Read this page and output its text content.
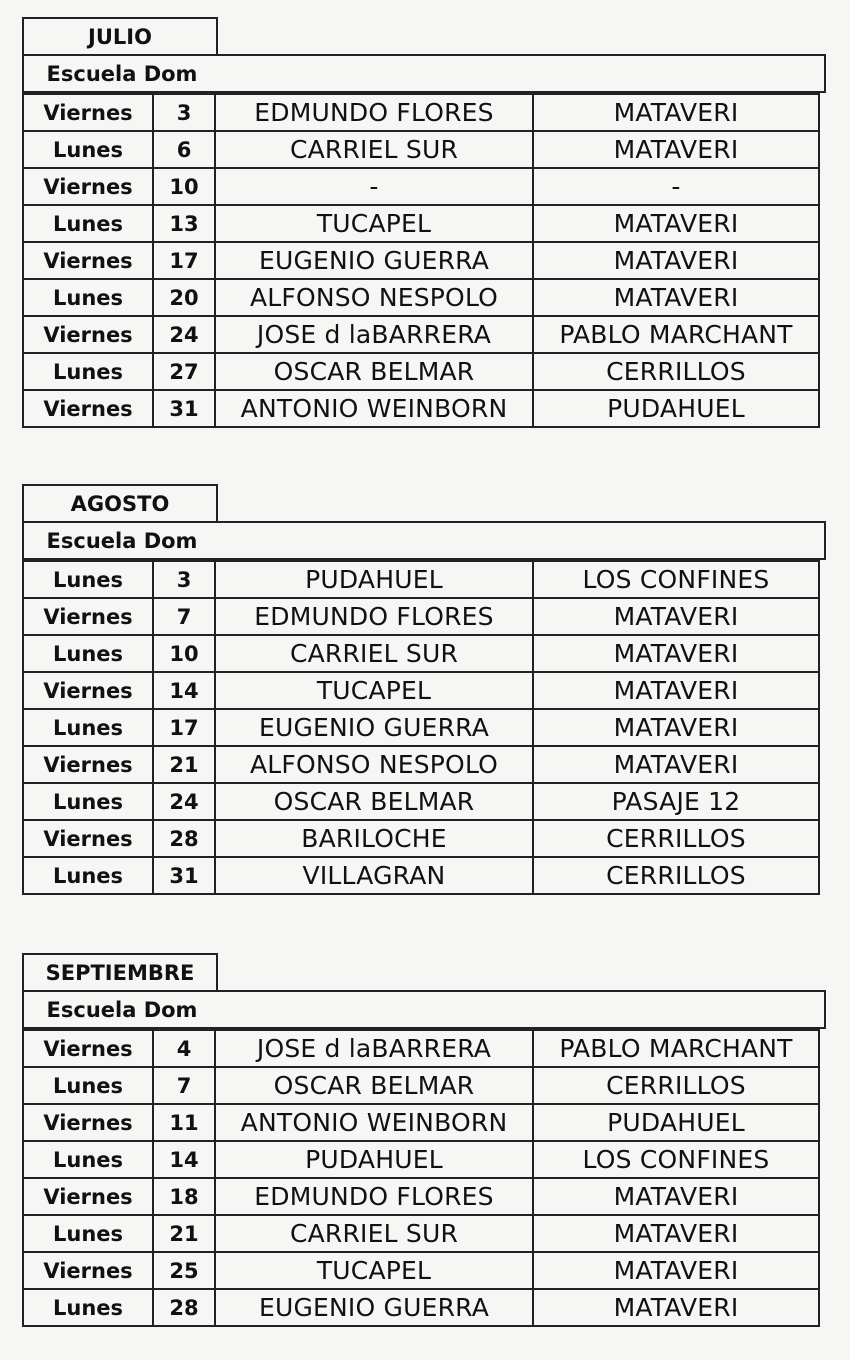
JULIO
Escuela Dom
Viernes	3	EDMUNDO FLORES	MATAVERI
Lunes	6	CARRIEL SUR	MATAVERI
Viernes	10	-	-
Lunes	13	TUCAPEL	MATAVERI
Viernes	17	EUGENIO GUERRA	MATAVERI
Lunes	20	ALFONSO NESPOLO	MATAVERI
Viernes	24	JOSE d laBARRERA	PABLO MARCHANT
Lunes	27	OSCAR BELMAR	CERRILLOS
Viernes	31	ANTONIO WEINBORN	PUDAHUEL
AGOSTO
Escuela Dom
Lunes	3	PUDAHUEL	LOS CONFINES
Viernes	7	EDMUNDO FLORES	MATAVERI
Lunes	10	CARRIEL SUR	MATAVERI
Viernes	14	TUCAPEL	MATAVERI
Lunes	17	EUGENIO GUERRA	MATAVERI
Viernes	21	ALFONSO NESPOLO	MATAVERI
Lunes	24	OSCAR BELMAR	PASAJE 12
Viernes	28	BARILOCHE	CERRILLOS
Lunes	31	VILLAGRAN	CERRILLOS
SEPTIEMBRE
Escuela Dom
Viernes	4	JOSE d laBARRERA	PABLO MARCHANT
Lunes	7	OSCAR BELMAR	CERRILLOS
Viernes	11	ANTONIO WEINBORN	PUDAHUEL
Lunes	14	PUDAHUEL	LOS CONFINES
Viernes	18	EDMUNDO FLORES	MATAVERI
Lunes	21	CARRIEL SUR	MATAVERI
Viernes	25	TUCAPEL	MATAVERI
Lunes	28	EUGENIO GUERRA	MATAVERI
